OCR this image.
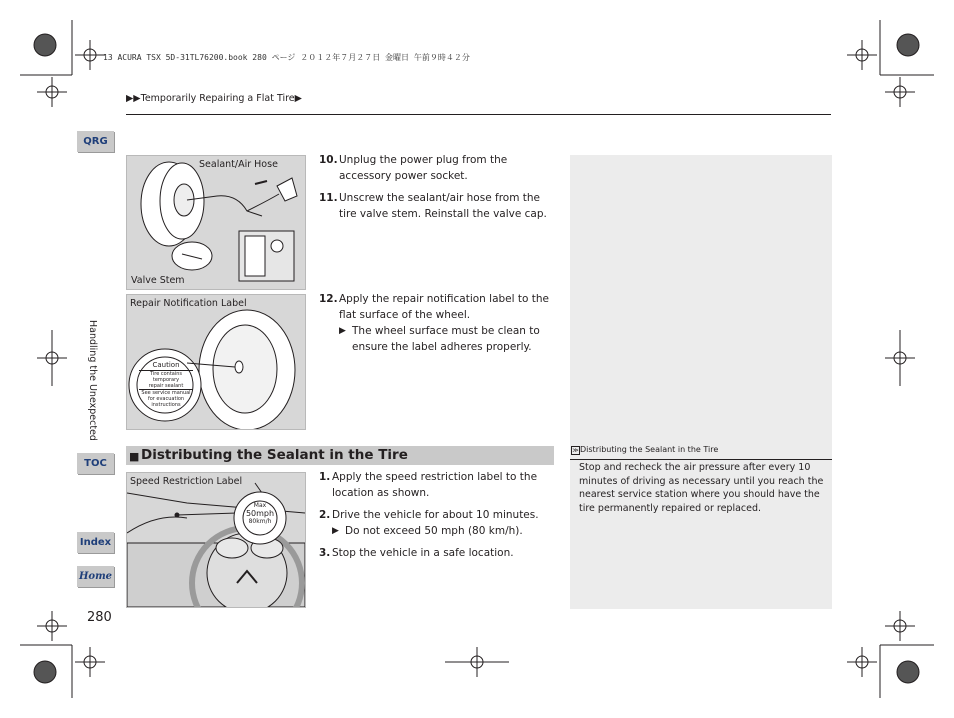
13 ACURA TSX 5D-31TL76200.book 280 ページ ２０１２年７月２７日 金曜日 午前９時４２分
▶▶Temporarily Repairing a Flat Tire▶
QRG
TOC
Index
Home
Handling the Unexpected
280
Sealant/Air Hose
Valve Stem
Repair Notification Label
Caution
Tire contains temporary
repair sealant
See service manual
for evacuation
instructions
10. Unplug the power plug from the accessory power socket.
11. Unscrew the sealant/air hose from the tire valve stem. Reinstall the valve cap.
12. Apply the repair notification label to the flat surface of the wheel.
▶ The wheel surface must be clean to ensure the label adheres properly.
≫ Distributing the Sealant in the Tire
Stop and recheck the air pressure after every 10 minutes of driving as necessary until you reach the nearest service station where you should have the tire permanently repaired or replaced.
■ Distributing the Sealant in the Tire
Speed Restriction Label
Max
50mph
80km/h
1. Apply the speed restriction label to the location as shown.
2. Drive the vehicle for about 10 minutes.
▶ Do not exceed 50 mph (80 km/h).
3. Stop the vehicle in a safe location.
